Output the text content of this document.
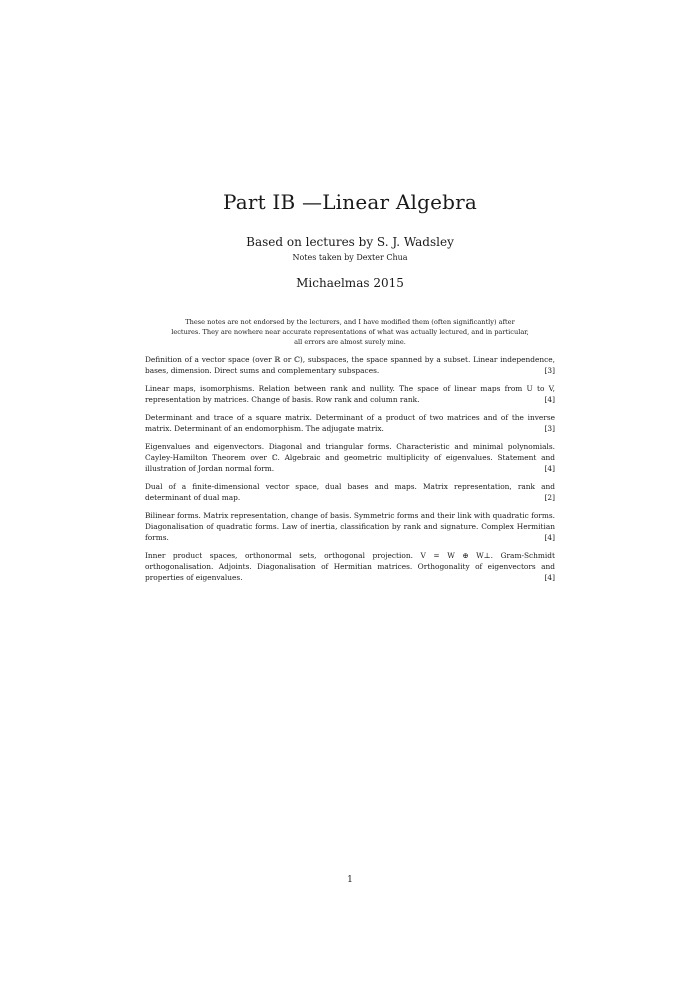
Part IB —Linear Algebra
Based on lectures by S. J. Wadsley
Notes taken by Dexter Chua
Michaelmas 2015
These notes are not endorsed by the lecturers, and I have modified them (often significantly) after lectures. They are nowhere near accurate representations of what was actually lectured, and in particular, all errors are almost surely mine.
Definition of a vector space (over ℝ or ℂ), subspaces, the space spanned by a subset. Linear independence, bases, dimension. Direct sums and complementary subspaces.	[3]
Linear maps, isomorphisms. Relation between rank and nullity. The space of linear maps from U to V, representation by matrices. Change of basis. Row rank and column rank.	[4]
Determinant and trace of a square matrix. Determinant of a product of two matrices and of the inverse matrix. Determinant of an endomorphism. The adjugate matrix.	[3]
Eigenvalues and eigenvectors. Diagonal and triangular forms. Characteristic and minimal polynomials. Cayley-Hamilton Theorem over ℂ. Algebraic and geometric multiplicity of eigenvalues. Statement and illustration of Jordan normal form.	[4]
Dual of a finite-dimensional vector space, dual bases and maps. Matrix representation, rank and determinant of dual map.	[2]
Bilinear forms. Matrix representation, change of basis. Symmetric forms and their link with quadratic forms. Diagonalisation of quadratic forms. Law of inertia, classification by rank and signature. Complex Hermitian forms.	[4]
Inner product spaces, orthonormal sets, orthogonal projection. V = W ⊕ W⊥. Gram-Schmidt orthogonalisation. Adjoints. Diagonalisation of Hermitian matrices. Orthogonality of eigenvectors and properties of eigenvalues.	[4]
1
